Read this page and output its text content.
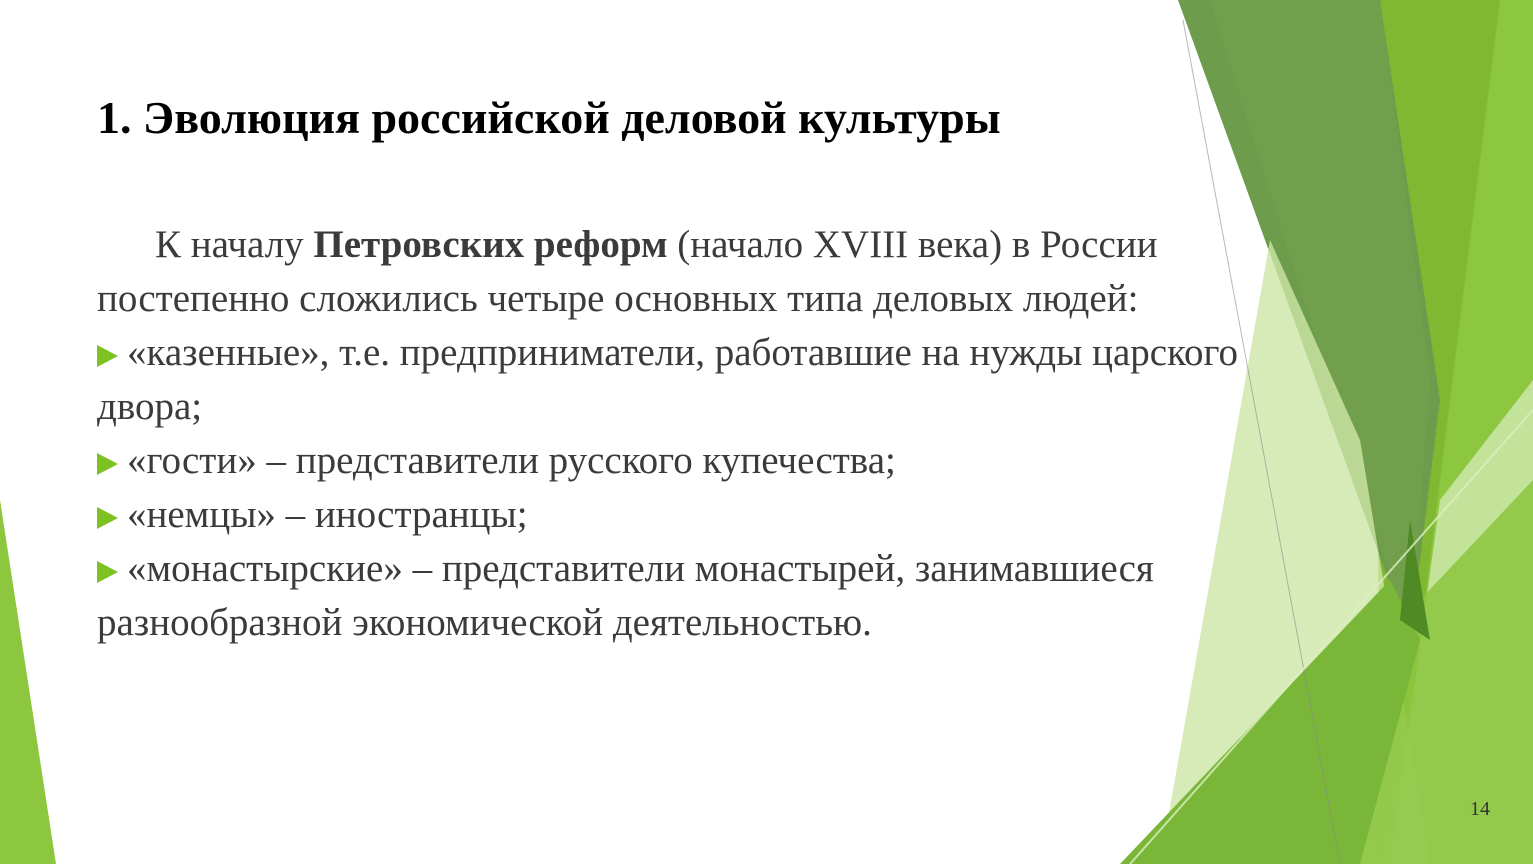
1. Эволюция российской деловой культуры

К началу Петровских реформ (начало XVIII века) в России постепенно сложились четыре основных типа деловых людей:

«казенные», т.е. предприниматели, работавшие на нужды царского двора;

«гости» – представители русского купечества;

«немцы» – иностранцы;

«монастырские» – представители монастырей, занимавшиеся разнообразной экономической деятельностью.

14
